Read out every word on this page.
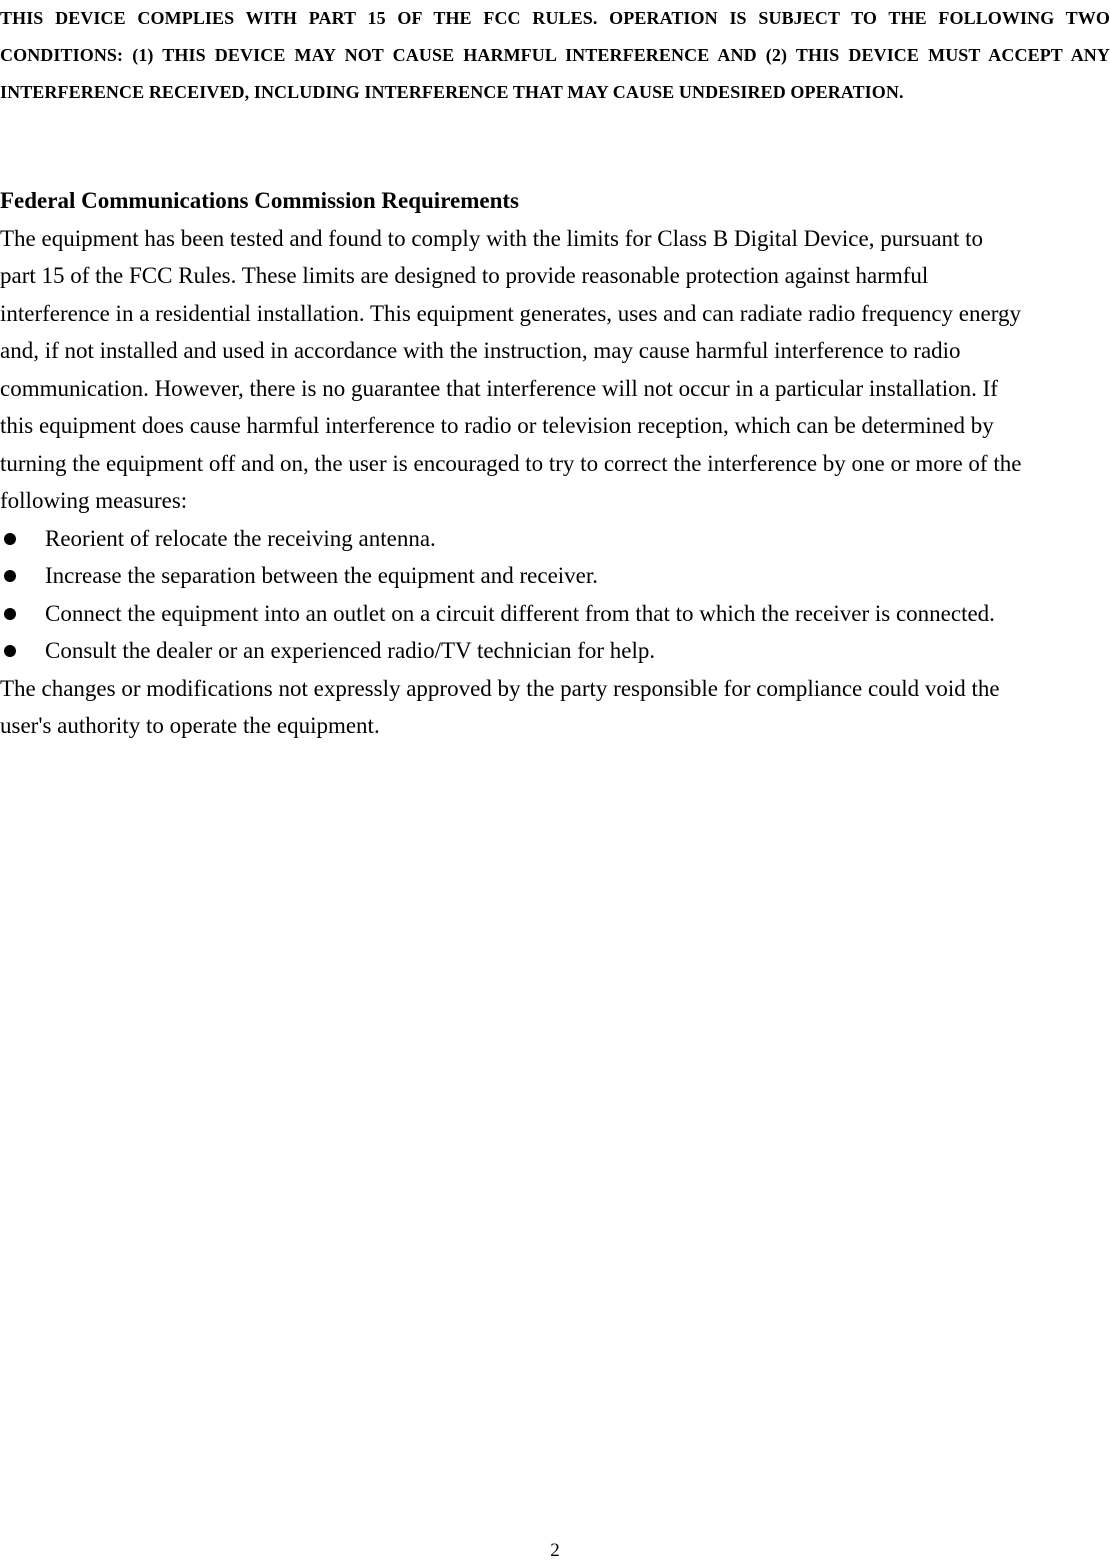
THIS DEVICE COMPLIES WITH PART 15 OF THE FCC RULES. OPERATION IS SUBJECT TO THE FOLLOWING TWO CONDITIONS: (1) THIS DEVICE MAY NOT CAUSE HARMFUL INTERFERENCE AND (2) THIS DEVICE MUST ACCEPT ANY INTERFERENCE RECEIVED, INCLUDING INTERFERENCE THAT MAY CAUSE UNDESIRED OPERATION.

Federal Communications Commission Requirements

The equipment has been tested and found to comply with the limits for Class B Digital Device, pursuant to
part 15 of the FCC Rules. These limits are designed to provide reasonable protection against harmful
interference in a residential installation. This equipment generates, uses and can radiate radio frequency energy
and, if not installed and used in accordance with the instruction, may cause harmful interference to radio
communication. However, there is no guarantee that interference will not occur in a particular installation. If
this equipment does cause harmful interference to radio or television reception, which can be determined by
turning the equipment off and on, the user is encouraged to try to correct the interference by one or more of the
following measures:
Reorient of relocate the receiving antenna.
Increase the separation between the equipment and receiver.
Connect the equipment into an outlet on a circuit different from that to which the receiver is connected.
Consult the dealer or an experienced radio/TV technician for help.
The changes or modifications not expressly approved by the party responsible for compliance could void the
user's authority to operate the equipment.
2
